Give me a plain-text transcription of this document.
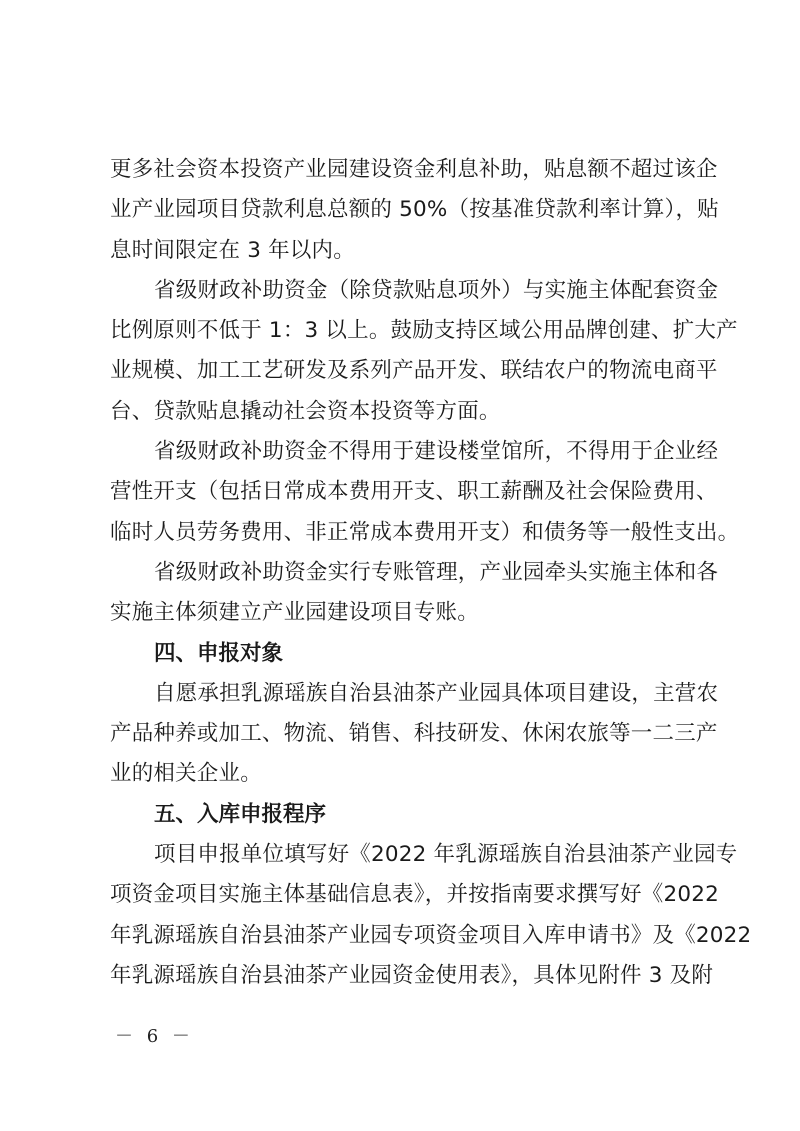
更多社会资本投资产业园建设资金利息补助，贴息额不超过该企
业产业园项目贷款利息总额的 50%（按基准贷款利率计算），贴
息时间限定在 3 年以内。
省级财政补助资金（除贷款贴息项外）与实施主体配套资金
比例原则不低于 1：3 以上。鼓励支持区域公用品牌创建、扩大产
业规模、加工工艺研发及系列产品开发、联结农户的物流电商平
台、贷款贴息撬动社会资本投资等方面。
省级财政补助资金不得用于建设楼堂馆所，不得用于企业经
营性开支（包括日常成本费用开支、职工薪酬及社会保险费用、
临时人员劳务费用、非正常成本费用开支）和债务等一般性支出。
省级财政补助资金实行专账管理，产业园牵头实施主体和各
实施主体须建立产业园建设项目专账。
四、申报对象
自愿承担乳源瑶族自治县油茶产业园具体项目建设，主营农
产品种养或加工、物流、销售、科技研发、休闲农旅等一二三产
业的相关企业。
五、入库申报程序
项目申报单位填写好《2022 年乳源瑶族自治县油茶产业园专
项资金项目实施主体基础信息表》，并按指南要求撰写好《2022
年乳源瑶族自治县油茶产业园专项资金项目入库申请书》及《2022
年乳源瑶族自治县油茶产业园资金使用表》，具体见附件 3 及附
－ 6 －
